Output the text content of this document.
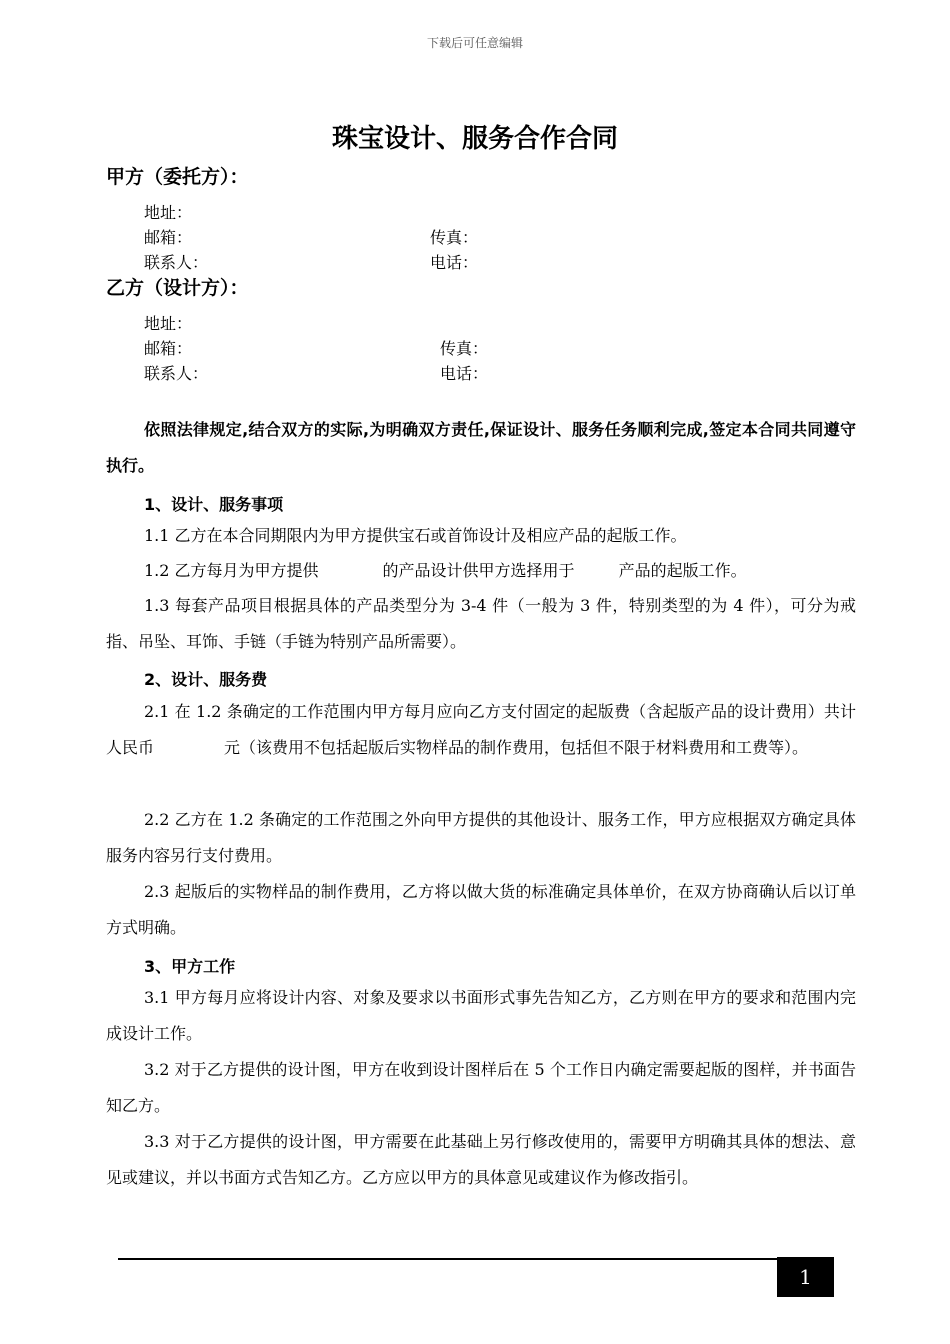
下载后可任意编辑
珠宝设计、服务合作合同
甲方（委托方）：
地址：
邮箱：	传真：
联系人：	电话：
乙方（设计方）：
地址：
邮箱：	传真：
联系人：	电话：

依照法律规定,结合双方的实际,为明确双方责任,保证设计、服务任务顺利完成,签定本合同共同遵守执行。

1、设计、服务事项

1.1 乙方在本合同期限内为甲方提供宝石或首饰设计及相应产品的起版工作。

1.2 乙方每月为甲方提供	的产品设计供甲方选择用于	产品的起版工作。

1.3 每套产品项目根据具体的产品类型分为 3-4 件（一般为 3 件，特别类型的为 4 件），可分为戒指、吊坠、耳饰、手链（手链为特别产品所需要）。

2、设计、服务费

2.1 在 1.2 条确定的工作范围内甲方每月应向乙方支付固定的起版费（含起版产品的设计费用）共计人民币	元（该费用不包括起版后实物样品的制作费用，包括但不限于材料费用和工费等）。

2.2 乙方在 1.2 条确定的工作范围之外向甲方提供的其他设计、服务工作，甲方应根据双方确定具体服务内容另行支付费用。

2.3 起版后的实物样品的制作费用，乙方将以做大货的标准确定具体单价，在双方协商确认后以订单方式明确。

3、甲方工作

3.1 甲方每月应将设计内容、对象及要求以书面形式事先告知乙方，乙方则在甲方的要求和范围内完成设计工作。

3.2 对于乙方提供的设计图，甲方在收到设计图样后在 5 个工作日内确定需要起版的图样，并书面告知乙方。

3.3 对于乙方提供的设计图，甲方需要在此基础上另行修改使用的，需要甲方明确其具体的想法、意见或建议，并以书面方式告知乙方。乙方应以甲方的具体意见或建议作为修改指引。

1
